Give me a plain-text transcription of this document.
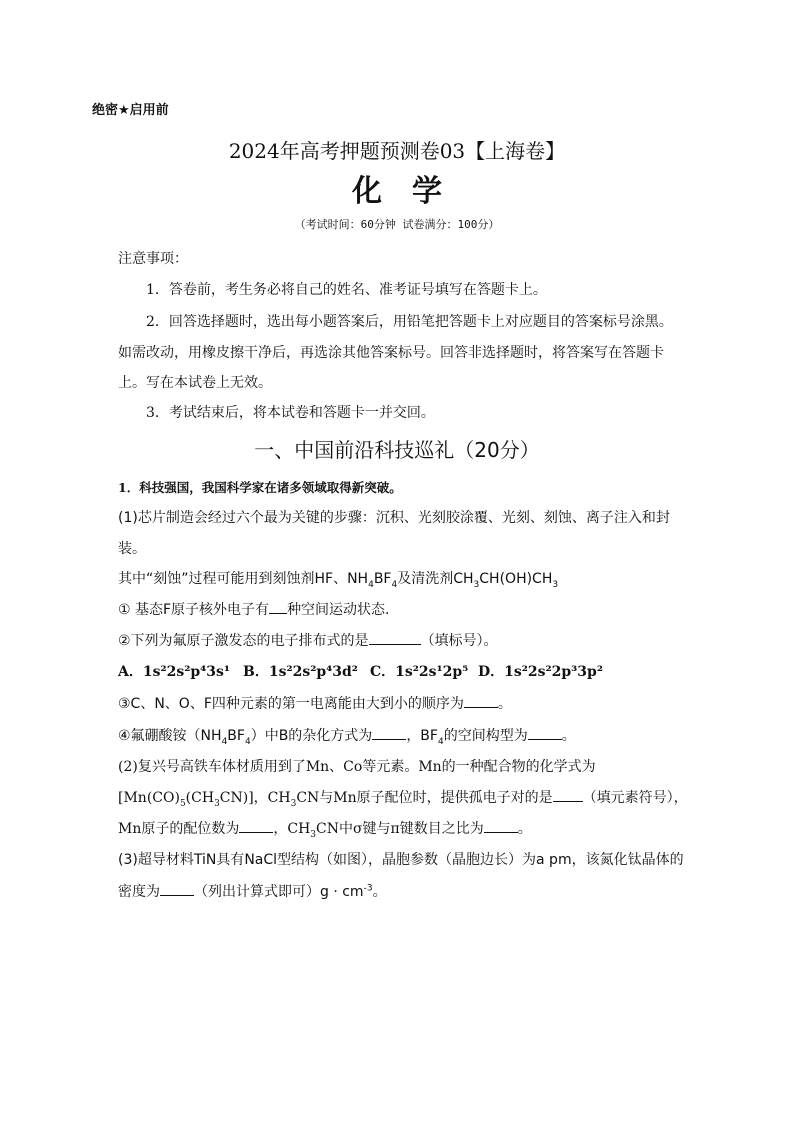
绝密★启用前
2024年高考押题预测卷03【上海卷】
化学
（考试时间：60分钟 试卷满分：100分）
注意事项：
1．答卷前，考生务必将自己的姓名、准考证号填写在答题卡上。
2．回答选择题时，选出每小题答案后，用铅笔把答题卡上对应题目的答案标号涂黑。
如需改动，用橡皮擦干净后，再选涂其他答案标号。回答非选择题时，将答案写在答题卡
上。写在本试卷上无效。
3．考试结束后，将本试卷和答题卡一并交回。
一、中国前沿科技巡礼（20分）
1．科技强国，我国科学家在诸多领域取得新突破。
(1)芯片制造会经过六个最为关键的步骤：沉积、光刻胶涂覆、光刻、刻蚀、离子注入和封
装。
其中“刻蚀”过程可能用到刻蚀剂HF、$NH_4BF_4$及清洗剂$CH_3CH(OH)CH_3$
① 基态F原子核外电子有 种空间运动状态.
②下列为氟原子激发态的电子排布式的是	（填标号）。
A．1s²2s²p⁴3s¹ B．1s²2s²p⁴3d² C．1s²2s¹2p⁵ D．1s²2s²2p³3p²
③C、N、O、F四种元素的第一电离能由大到小的顺序为 。
④氟硼酸铵$(NH_4BF_4)$中B的杂化方式为 ，$BF_4$的空间构型为 。
(2)复兴号高铁车体材质用到了Mn、Co等元素。Mn的一种配合物的化学式为
$[Mn(CO)_5(CH_3CN)]$，$CH_3CN$与Mn原子配位时，提供孤电子对的是 （填元素符号），
Mn原子的配位数为 ，$CH_3CN$中σ键与π键数目之比为 。
(3)超导材料TiN具有NaCl型结构（如图），晶胞参数（晶胞边长）为a pm，该氮化钛晶体的
密度为 （列出计算式即可）$g \cdot cm^{-3}$。
